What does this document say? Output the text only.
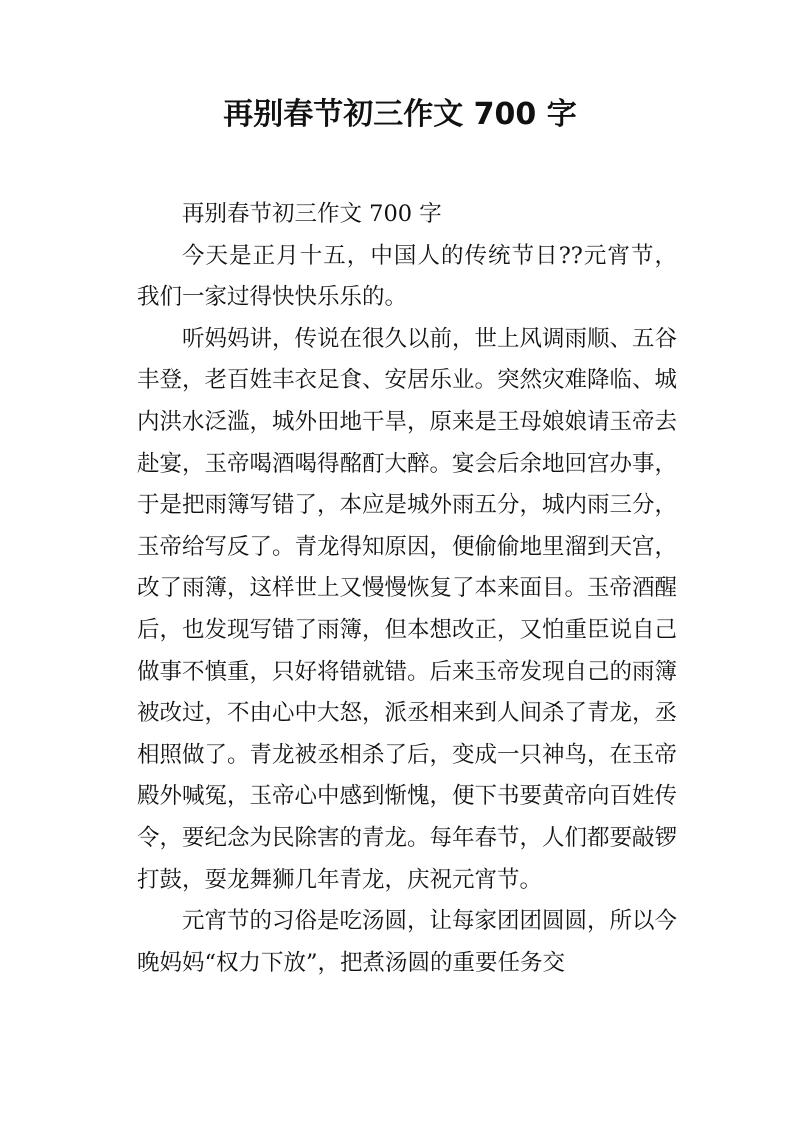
再别春节初三作文 700 字

再别春节初三作文 700 字

今天是正月十五，中国人的传统节日??元宵节，我们一家过得快快乐乐的。

听妈妈讲，传说在很久以前，世上风调雨顺、五谷丰登，老百姓丰衣足食、安居乐业。突然灾难降临、城内洪水泛滥，城外田地干旱，原来是王母娘娘请玉帝去赴宴，玉帝喝酒喝得酩酊大醉。宴会后余地回宫办事，于是把雨簿写错了，本应是城外雨五分，城内雨三分，玉帝给写反了。青龙得知原因，便偷偷地里溜到天宫，改了雨簿，这样世上又慢慢恢复了本来面目。玉帝酒醒后，也发现写错了雨簿，但本想改正，又怕重臣说自己做事不慎重，只好将错就错。后来玉帝发现自己的雨簿被改过，不由心中大怒，派丞相来到人间杀了青龙，丞相照做了。青龙被丞相杀了后，变成一只神鸟，在玉帝殿外喊冤，玉帝心中感到惭愧，便下书要黄帝向百姓传令，要纪念为民除害的青龙。每年春节，人们都要敲锣打鼓，耍龙舞狮几年青龙，庆祝元宵节。

元宵节的习俗是吃汤圆，让每家团团圆圆，所以今晚妈妈“权力下放”，把煮汤圆的重要任务交
